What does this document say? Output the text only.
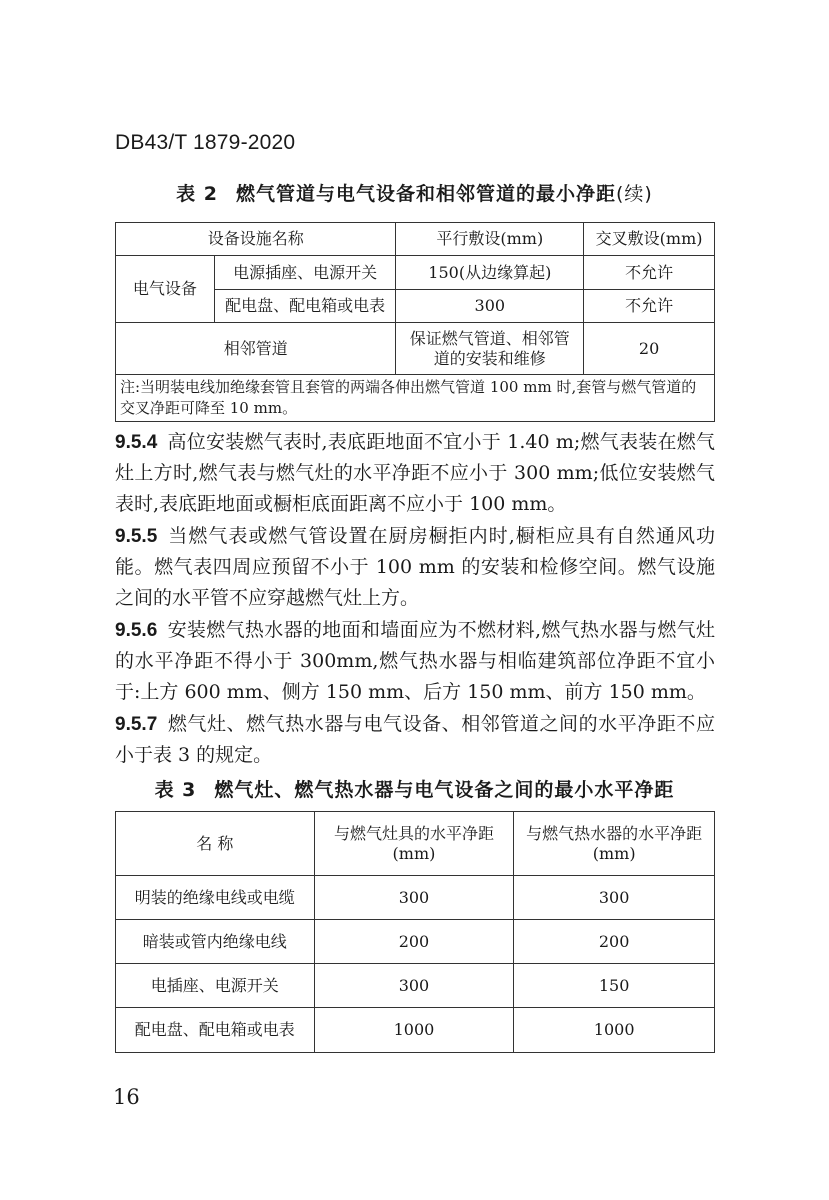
DB43/T 1879-2020
表 2 燃气管道与电气设备和相邻管道的最小净距(续)
设备设施名称		平行敷设(mm)	交叉敷设(mm)
电气设备	电源插座、电源开关	150(从边缘算起)	不允许
	配电盘、配电箱或电表	300	不允许
相邻管道		保证燃气管道、相邻管道的安装和维修	20
注:当明装电线加绝缘套管且套管的两端各伸出燃气管道 100 mm 时,套管与燃气管道的交叉净距可降至 10 mm。			
9.5.4 高位安装燃气表时,表底距地面不宜小于 1.40 m;燃气表装在燃气灶上方时,燃气表与燃气灶的水平净距不应小于 300 mm;低位安装燃气表时,表底距地面或橱柜底面距离不应小于 100 mm。
9.5.5 当燃气表或燃气管设置在厨房橱拒内时,橱柜应具有自然通风功能。燃气表四周应预留不小于 100 mm 的安装和检修空间。燃气设施之间的水平管不应穿越燃气灶上方。
9.5.6 安装燃气热水器的地面和墙面应为不燃材料,燃气热水器与燃气灶的水平净距不得小于 300mm,燃气热水器与相临建筑部位净距不宜小于:上方 600 mm、侧方 150 mm、后方 150 mm、前方 150 mm。
9.5.7 燃气灶、燃气热水器与电气设备、相邻管道之间的水平净距不应小于表 3 的规定。
表 3 燃气灶、燃气热水器与电气设备之间的最小水平净距
名 称	与燃气灶具的水平净距(mm)	与燃气热水器的水平净距(mm)
明装的绝缘电线或电缆	300	300
暗装或管内绝缘电线	200	200
电插座、电源开关	300	150
配电盘、配电箱或电表	1000	1000
16
